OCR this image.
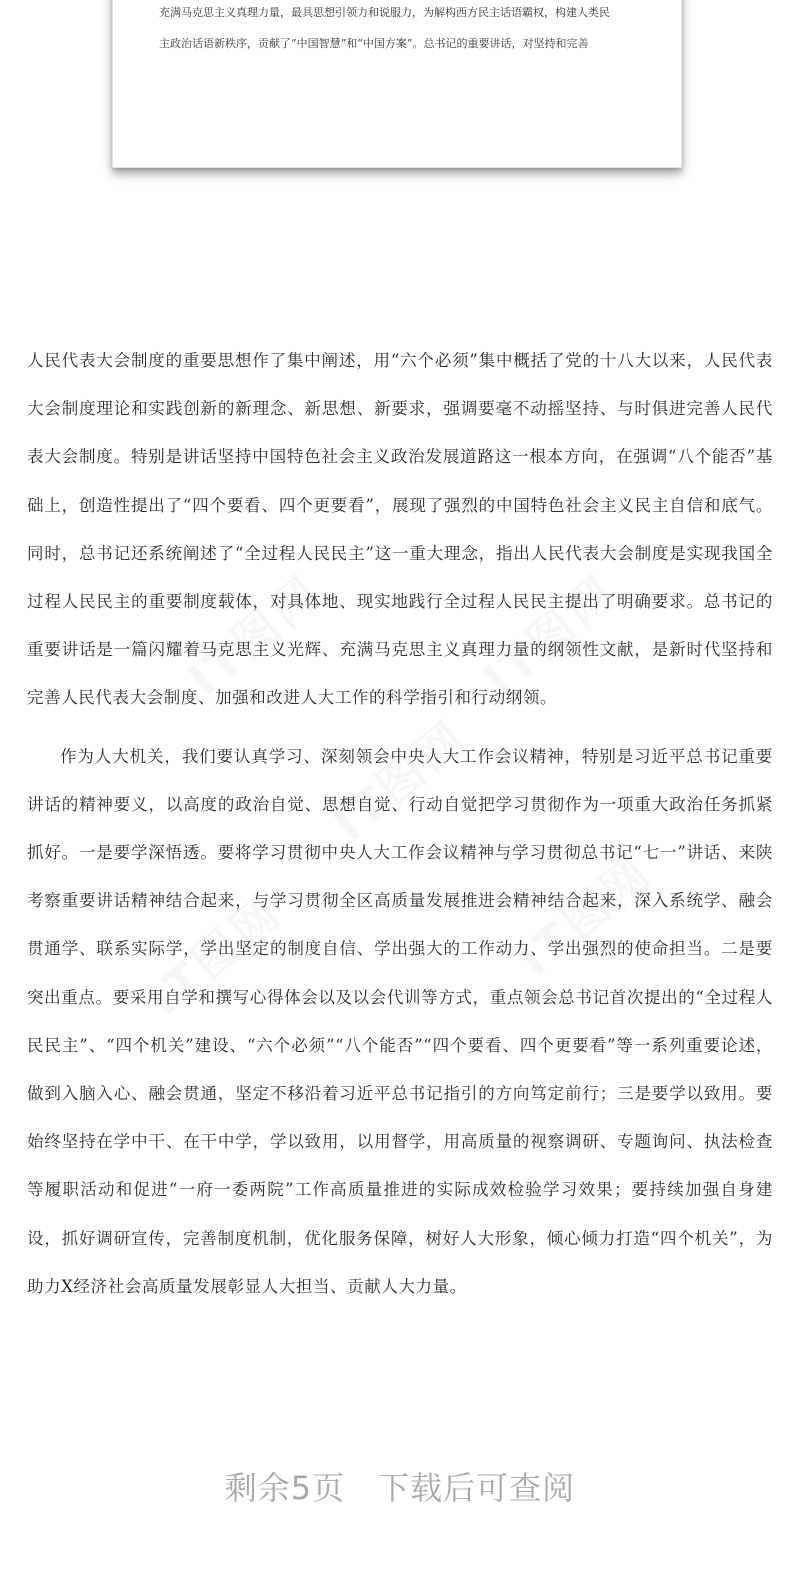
充满马克思主义真理力量，最具思想引领力和说服力，为解构西方民主话语霸权，构建人类民
主政治话语新秩序，贡献了“中国智慧”和“中国方案”。总书记的重要讲话，对坚持和完善
IT图网	IT图网
IT图网
IT图网	IT图网

人民代表大会制度的重要思想作了集中阐述，用“六个必须”集中概括了党的十八大以来，人民代表大会制度理论和实践创新的新理念、新思想、新要求，强调要毫不动摇坚持、与时俱进完善人民代表大会制度。特别是讲话坚持中国特色社会主义政治发展道路这一根本方向，在强调“八个能否”基础上，创造性提出了“四个要看、四个更要看”，展现了强烈的中国特色社会主义民主自信和底气。同时，总书记还系统阐述了“全过程人民民主”这一重大理念，指出人民代表大会制度是实现我国全过程人民民主的重要制度载体，对具体地、现实地践行全过程人民民主提出了明确要求。总书记的重要讲话是一篇闪耀着马克思主义光辉、充满马克思主义真理力量的纲领性文献，是新时代坚持和完善人民代表大会制度、加强和改进人大工作的科学指引和行动纲领。

作为人大机关，我们要认真学习、深刻领会中央人大工作会议精神，特别是习近平总书记重要讲话的精神要义，以高度的政治自觉、思想自觉、行动自觉把学习贯彻作为一项重大政治任务抓紧抓好。一是要学深悟透。要将学习贯彻中央人大工作会议精神与学习贯彻总书记“七一”讲话、来陕考察重要讲话精神结合起来，与学习贯彻全区高质量发展推进会精神结合起来，深入系统学、融会贯通学、联系实际学，学出坚定的制度自信、学出强大的工作动力、学出强烈的使命担当。二是要突出重点。要采用自学和撰写心得体会以及以会代训等方式，重点领会总书记首次提出的“全过程人民民主”、“四个机关”建设、“六个必须”“八个能否”“四个要看、四个更要看”等一系列重要论述，做到入脑入心、融会贯通，坚定不移沿着习近平总书记指引的方向笃定前行；三是要学以致用。要始终坚持在学中干、在干中学，学以致用，以用督学，用高质量的视察调研、专题询问、执法检查等履职活动和促进“一府一委两院”工作高质量推进的实际成效检验学习效果；要持续加强自身建设，抓好调研宣传，完善制度机制，优化服务保障，树好人大形象，倾心倾力打造“四个机关”，为助力X经济社会高质量发展彰显人大担当、贡献人大力量。

剩余5页 下载后可查阅
